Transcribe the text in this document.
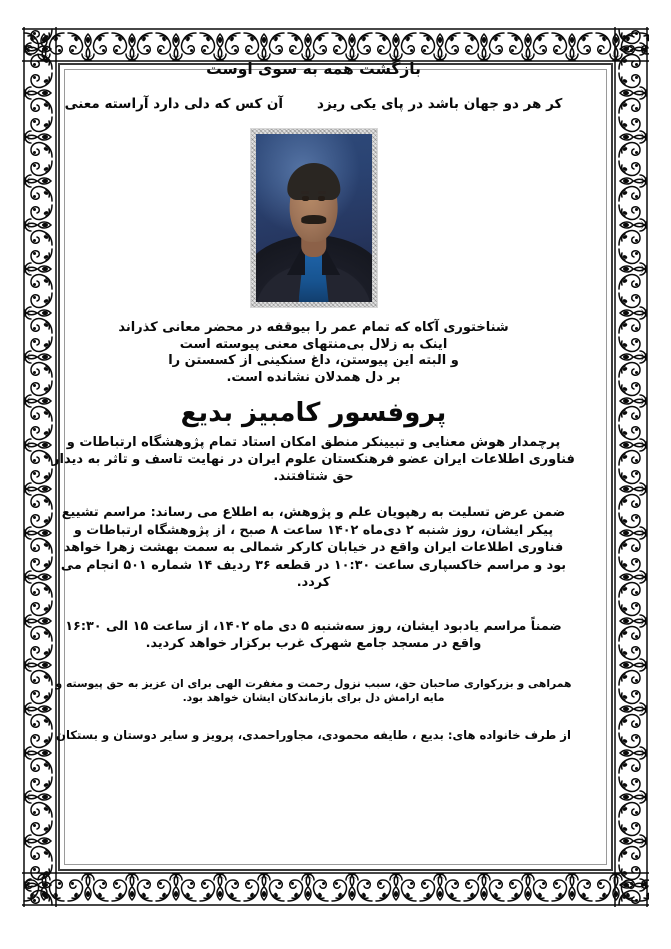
بازگشت همه به سوی اوست
کر هر دو جهان باشد در پای یکی ریزدآن کس که دلی دارد آراسته معنی
شناختوری آکاه که تمام عمر را بیوقفه در محضر معانی کذراند
اینک به زلال بی‌منتهای معنی پیوسته است
و البته این پیوستن، داغ سنکینی از کسستن را
بر دل همدلان نشانده است.
پروفسور کامبیز بدیع
پرچمدار هوش معنایی و تبیینکر منطق امکان استاد تمام پژوهشگاه ارتباطات و فناوری اطلاعات ایران عضو فرهنکستان علوم ایران در نهایت تاسف و تاثر به دیدار حق شتافتند.
ضمن عرض تسلیت به رهپویان علم و پژوهش، به اطلاع می رساند: مراسم تشییع پیکر ایشان، روز شنبه ۲ دی‌ماه ۱۴۰۲ ساعت ۸ صبح ، از پژوهشگاه ارتباطات و فناوری اطلاعات ایران واقع در خیابان کارکر شمالی به سمت بهشت زهرا خواهد بود و مراسم خاکسپاری ساعت ۱۰:۳۰ در قطعه ۳۶ ردیف ۱۴ شماره ۵۰۱ انجام می کردد.
ضمناً مراسم یادبود ایشان، روز سه‌شنبه ۵ دی ماه ۱۴۰۲، از ساعت ۱۵ الی ۱۶:۳۰ واقع در مسجد جامع شهرک غرب برکزار خواهد کردید.
همراهی و بزرکواری صاحبان حق، سبب نزول رحمت و مغفرت الهی برای ان عزیز به حق پیوسته و مایه ارامش دل برای بازماندکان ایشان خواهد بود.
از طرف خانواده های: بدیع ، طایفه محمودی، مجاوراحمدی، پرویز و سایر دوستان و بستکان
